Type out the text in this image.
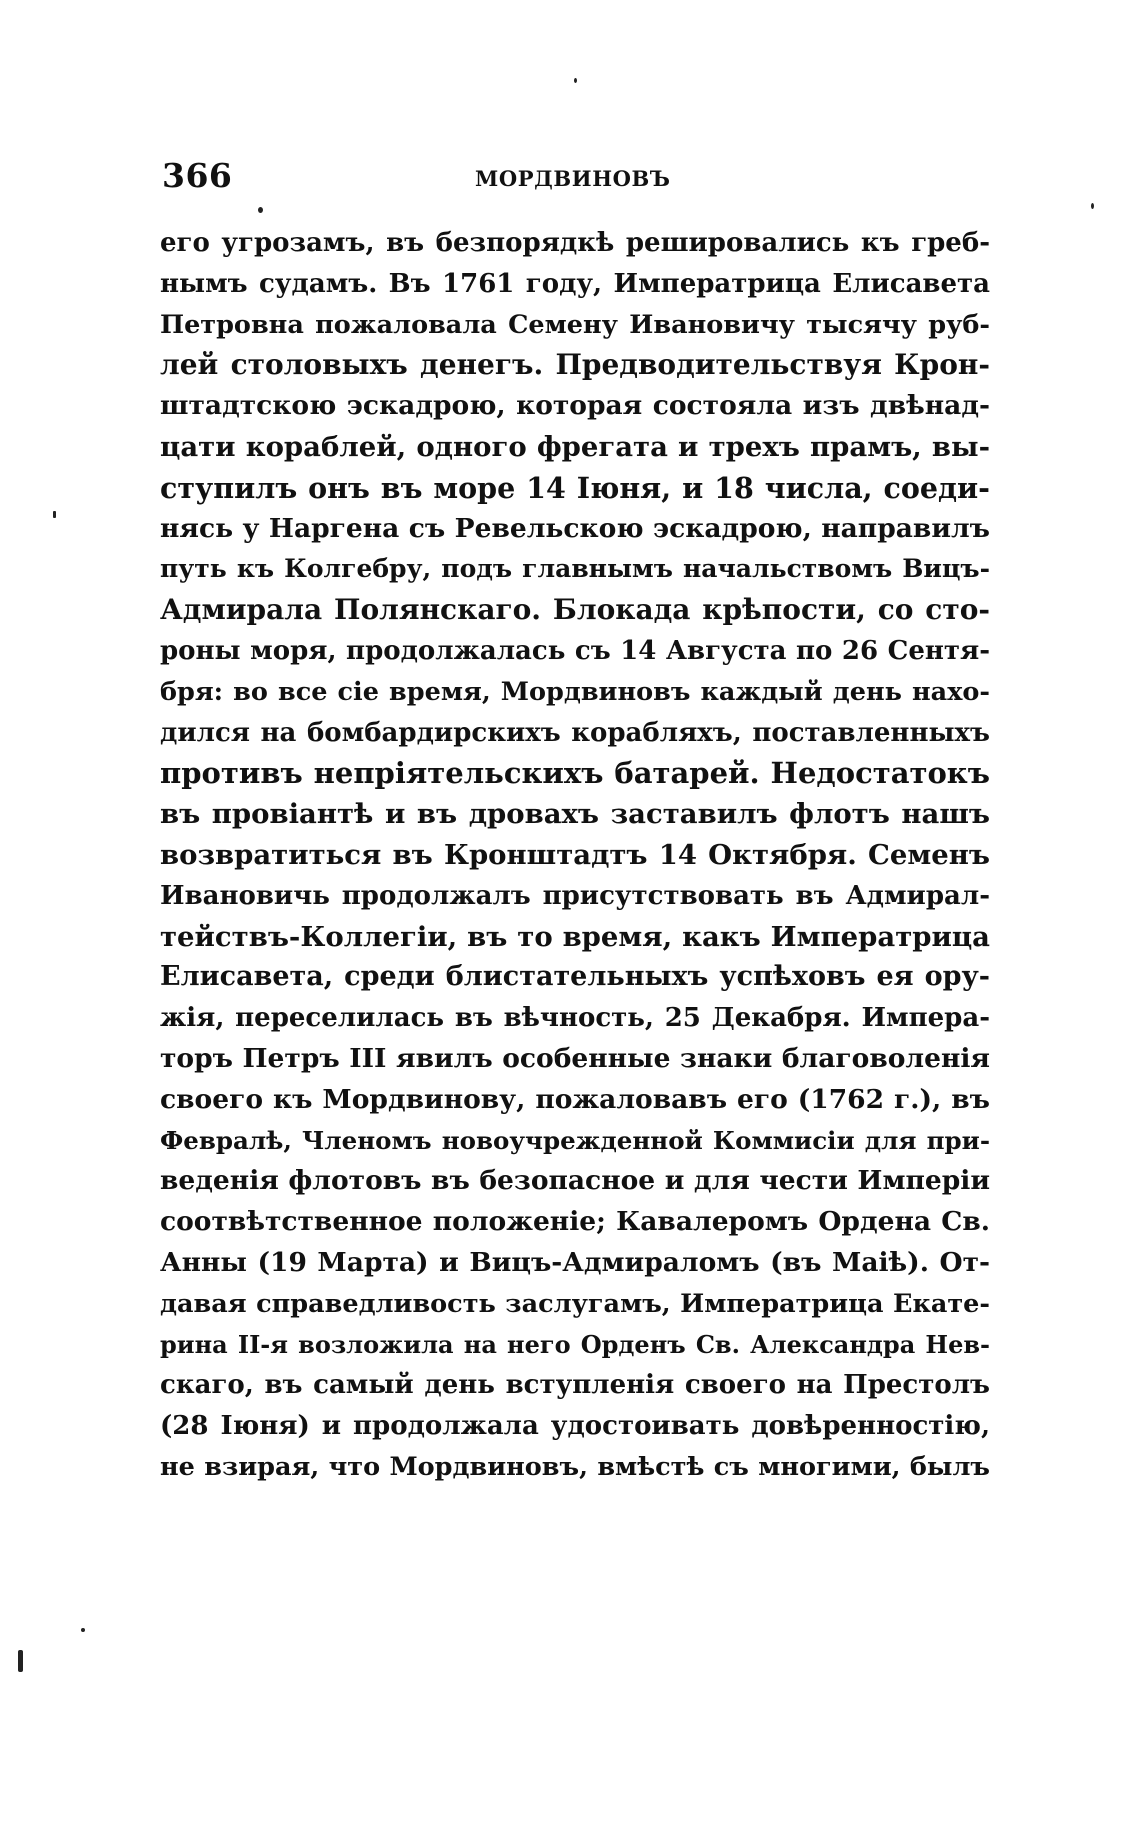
366	МОРДВИНОВЪ
его угрозамъ, въ безпорядкѣ решировались къ греб-
нымъ судамъ. Въ 1761 году, Императрица Елисавета
Петровна пожаловала Семену Ивановичу тысячу руб-
лей столовыхъ денегъ. Предводительствуя Крон-
штадтскою эскадрою, которая состояла изъ двѣнад-
цати кораблей, одного фрегата и трехъ прамъ, вы-
ступилъ онъ въ море 14 Іюня, и 18 числа, соеди-
нясь у Наргена съ Ревельскою эскадрою, направилъ
путь къ Колгебру, подъ главнымъ начальствомъ Вицъ-
Адмирала Полянскаго. Блокада крѣпости, со сто-
роны моря, продолжалась съ 14 Августа по 26 Сентя-
бря: во все сіе время, Мордвиновъ каждый день нахо-
дился на бомбардирскихъ корабляхъ, поставленныхъ
противъ непріятельскихъ батарей. Недостатокъ
въ провіантѣ и въ дровахъ заставилъ флотъ нашъ
возвратиться въ Кронштадтъ 14 Октября. Семенъ
Ивановичь продолжалъ присутствовать въ Адмирал-
тействъ-Коллегіи, въ то время, какъ Императрица
Елисавета, среди блистательныхъ успѣховъ ея ору-
жія, переселилась въ вѣчность, 25 Декабря. Импера-
торъ Петръ III явилъ особенные знаки благоволенія
своего къ Мордвинову, пожаловавъ его (1762 г.), въ
Февралѣ, Членомъ новоучрежденной Коммисіи для при-
веденія флотовъ въ безопасное и для чести Имперіи
соотвѣтственное положеніе; Кавалеромъ Ордена Св.
Анны (19 Марта) и Вицъ-Адмираломъ (въ Маіѣ). От-
давая справедливость заслугамъ, Императрица Екате-
рина II-я возложила на него Орденъ Св. Александра Нев-
скаго, въ самый день вступленія своего на Престолъ
(28 Іюня) и продолжала удостоивать довѣренностію,
не взирая, что Мордвиновъ, вмѣстѣ съ многими, былъ
